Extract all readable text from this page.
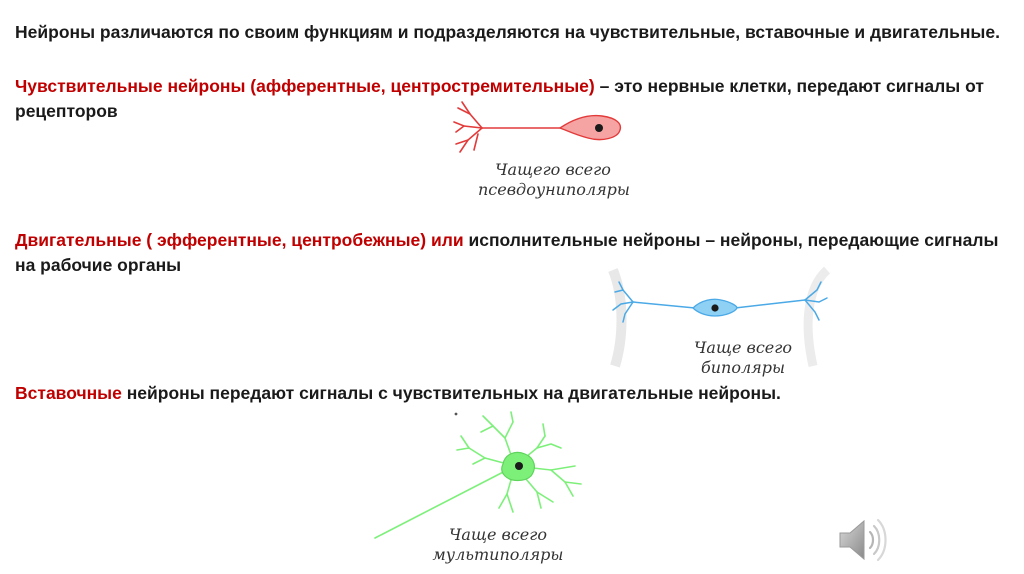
Нейроны различаются по своим функциям и подразделяются на чувствительные, вставочные и двигательные.

Чувствительные нейроны (афферентные, центростремительные) – это нервные клетки, передают сигналы от рецепторов

Чащего всего
псевдоуниполяры

Двигательные ( эфферентные, центробежные) или исполнительные нейроны – нейроны, передающие сигналы на рабочие органы

Чаще всего
биполяры

Вставочные нейроны передают сигналы с чувствительных на двигательные нейроны.

Чаще всего
мультиполяры
